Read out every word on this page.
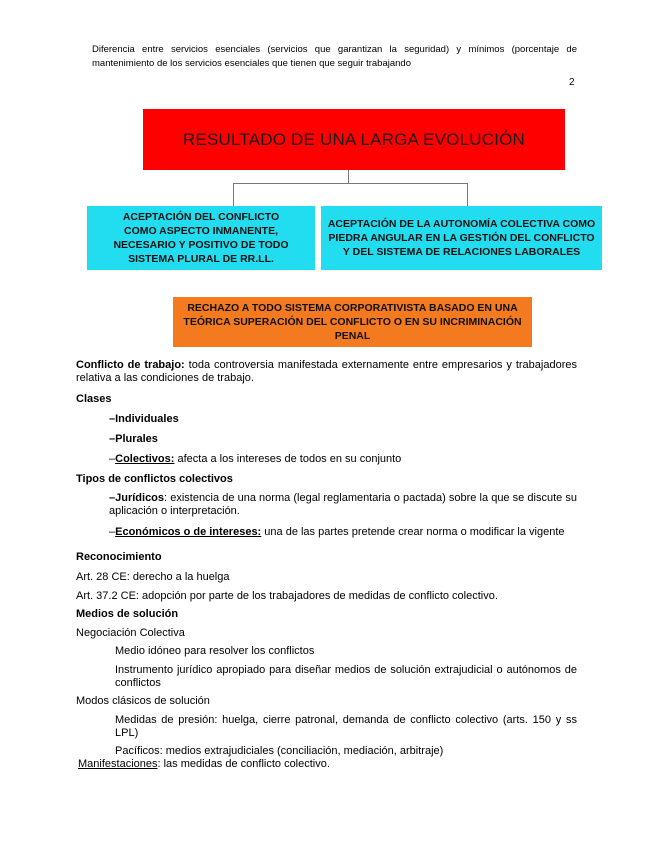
Diferencia entre servicios esenciales (servicios que garantizan la seguridad) y mínimos (porcentaje de mantenimiento de los servicios esenciales que tienen que seguir trabajando
2
RESULTADO DE UNA LARGA EVOLUCIÓN
ACEPTACIÓN DEL CONFLICTO COMO ASPECTO INMANENTE, NECESARIO Y POSITIVO DE TODO SISTEMA PLURAL DE RR.LL.
ACEPTACIÓN DE LA AUTONOMÍA COLECTIVA COMO PIEDRA ANGULAR EN LA GESTIÓN DEL CONFLICTO Y DEL SISTEMA DE RELACIONES LABORALES
RECHAZO A TODO SISTEMA CORPORATIVISTA BASADO EN UNA TEÓRICA SUPERACIÓN DEL CONFLICTO O EN SU INCRIMINACIÓN PENAL
Conflicto de trabajo: toda controversia manifestada externamente entre empresarios y trabajadores relativa a las condiciones de trabajo.
Clases
–Individuales
–Plurales
–Colectivos: afecta a los intereses de todos en su conjunto
Tipos de conflictos colectivos
–Jurídicos: existencia de una norma (legal reglamentaria o pactada) sobre la que se discute su aplicación o interpretación.
–Económicos o de intereses: una de las partes pretende crear norma o modificar la vigente
Reconocimiento
Art. 28 CE: derecho a la huelga
Art. 37.2 CE: adopción por parte de los trabajadores de medidas de conflicto colectivo.
Medios de solución
Negociación Colectiva
Medio idóneo para resolver los conflictos
Instrumento jurídico apropiado para diseñar medios de solución extrajudicial o autónomos de conflictos
Modos clásicos de solución
Medidas de presión: huelga, cierre patronal, demanda de conflicto colectivo (arts. 150 y ss LPL)
Pacíficos: medios extrajudiciales (conciliación, mediación, arbitraje)
Manifestaciones: las medidas de conflicto colectivo.
